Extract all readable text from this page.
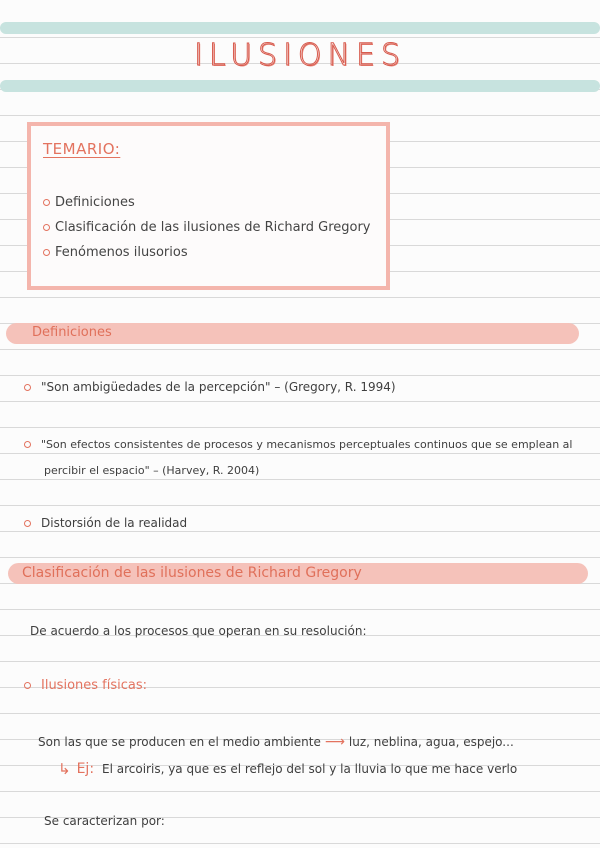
ILUSIONES
TEMARIO:
Definiciones
Clasificación de las ilusiones de Richard Gregory
Fenómenos ilusorios
Definiciones
"Son ambigüedades de la percepción" – (Gregory, R. 1994)
"Son efectos consistentes de procesos y mecanismos perceptuales continuos que se emplean al
percibir el espacio" – (Harvey, R. 2004)
Distorsión de la realidad
Clasificación de las ilusiones de Richard Gregory
De acuerdo a los procesos que operan en su resolución:
Ilusiones físicas:
Son las que se producen en el medio ambiente ⟶ luz, neblina, agua, espejo...
↳ Ej: El arcoiris, ya que es el reflejo del sol y la lluvia lo que me hace verlo
Se caracterizan por:
